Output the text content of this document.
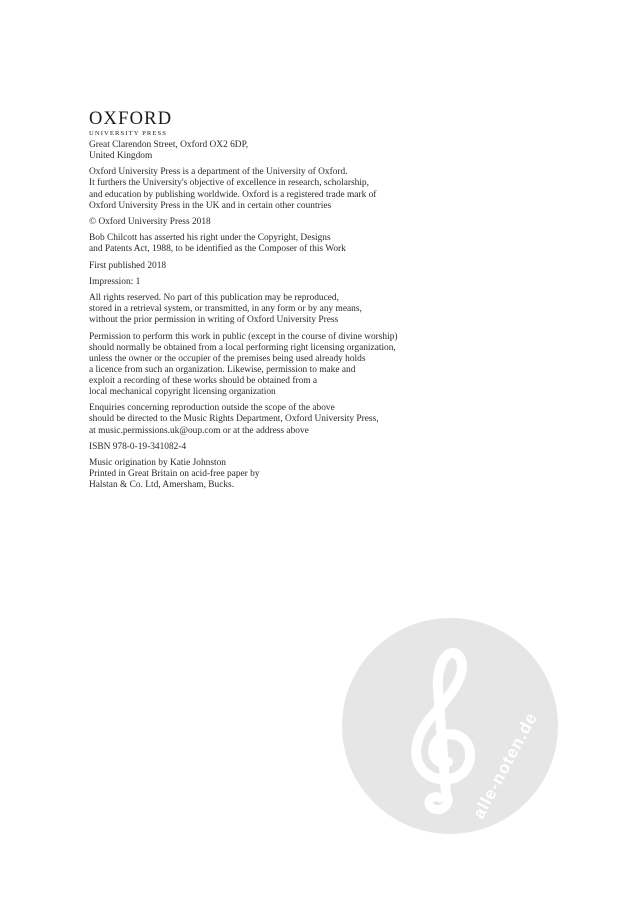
OXFORD
UNIVERSITY PRESS

Great Clarendon Street, Oxford OX2 6DP,
United Kingdom

Oxford University Press is a department of the University of Oxford.
It furthers the University's objective of excellence in research, scholarship,
and education by publishing worldwide. Oxford is a registered trade mark of
Oxford University Press in the UK and in certain other countries

© Oxford University Press 2018

Bob Chilcott has asserted his right under the Copyright, Designs
and Patents Act, 1988, to be identified as the Composer of this Work

First published 2018

Impression: 1

All rights reserved. No part of this publication may be reproduced,
stored in a retrieval system, or transmitted, in any form or by any means,
without the prior permission in writing of Oxford University Press

Permission to perform this work in public (except in the course of divine worship)
should normally be obtained from a local performing right licensing organization,
unless the owner or the occupier of the premises being used already holds
a licence from such an organization. Likewise, permission to make and
exploit a recording of these works should be obtained from a
local mechanical copyright licensing organization

Enquiries concerning reproduction outside the scope of the above
should be directed to the Music Rights Department, Oxford University Press,
at music.permissions.uk@oup.com or at the address above

ISBN 978-0-19-341082-4

Music origination by Katie Johnston
Printed in Great Britain on acid-free paper by
Halstan & Co. Ltd, Amersham, Bucks.

alle-noten.de
